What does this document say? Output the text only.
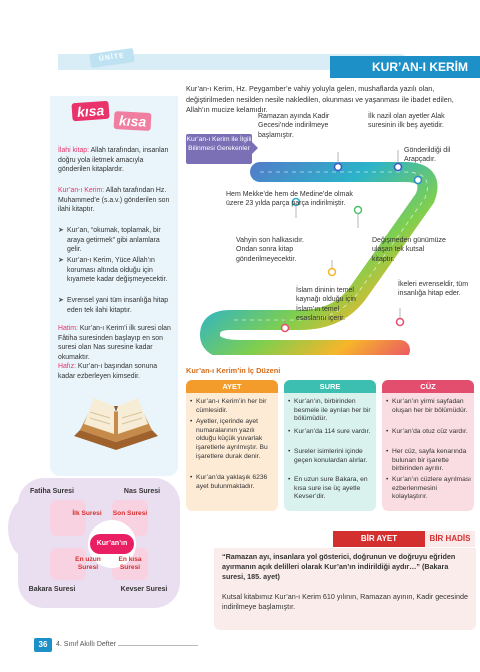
ÜNİTE
KUR’AN-I KERİM
Kur’an-ı Kerim, Hz. Peygamber’e vahiy yoluyla gelen, mushaflarda yazılı olan, değiştirilmeden nesilden nesile nakledilen, okunması ve yaşanması ile ibadet edilen, Allah’ın mucize kelamıdır.
kısa
kısa
İlahi kitap: Allah tarafından, insanları doğru yola iletmek amacıyla gönderilen kitaplardır.
Kur’an-ı Kerim: Allah tarafından Hz. Muhammed’e (s.a.v.) gönderilen son ilahi kitaptır.
➤ Kur’an, “okumak, toplamak, bir araya getirmek” gibi anlamlara gelir.
➤ Kur’an-ı Kerim, Yüce Allah’ın koruması altında olduğu için kıyamete kadar değişmeyecektir.
➤ Evrensel yani tüm insanlığa hitap eden tek ilahi kitaptır.
Hatim: Kur’an-ı Kerim’i ilk suresi olan Fâtiha suresinden başlayıp en son suresi olan Nas suresine kadar okumaktır.
Hafız: Kur’an-ı başından sonuna kadar ezberleyen kimsedir.
Fatiha Suresi	Nas Suresi
Bakara Suresi	Kevser Suresi
İlk Suresi	Son Suresi
En uzun Suresi
En kısa Suresi
Kur’an’ın
36	4. Sınıf Akıllı Defter
Kur’an-ı Kerim ile İlgili Bilinmesi Gerekenler
Ramazan ayında Kadir Gecesi’nde indirilmeye başlamıştır.
İlk nazil olan ayetler Alak suresinin ilk beş ayetidir.
Gönderildiği dil Arapçadır.
Hem Mekke’de hem de Medine’de olmak üzere 23 yılda parça parça indirilmiştir.
Vahyin son halkasıdır. Ondan sonra kitap gönderilmeyecektir.
Değişmeden günümüze ulaşan tek kutsal kitaptır.
İslam dininin temel kaynağı olduğu için İslam’ın temel esaslarını içerir.
İkeleri evrenseldir, tüm insanlığa hitap eder.
Kur’an-ı Kerim’in İç Düzeni
AYET	SURE	CÜZ
• Kur’an-ı Kerim’in her bir cümlesidir.
• Ayetler, içerinde ayet numaralarının yazılı olduğu küçük yuvarlak işaretlerle ayrılmıştır. Bu işaretlere durak denir.
• Kur’an’da yaklaşık 6236 ayet bulunmaktadır.
• Kur’an’ın, birbirinden besmele ile ayrılan her bir bölümüdür.
• Kur’an’da 114 sure vardır.
• Sureler isimlerini içinde geçen konulardan alırlar.
• En uzun sure Bakara, en kısa sure ise üç ayetle Kevser’dir.
• Kur’an’ın yirmi sayfadan oluşan her bir bölümüdür.
• Kur’an’da otuz cüz vardır.
• Her cüz, sayfa kenarında bulunan bir işarette birbirinden ayrılır.
• Kur’an’ın cüzlere ayrılması ezberlenmesini kolaylaştırır.
BİR AYET	BİR HADİS
“Ramazan ayı, insanlara yol gösterici, doğrunun ve doğruyu eğriden ayırmanın açık delilleri olarak Kur’an’ın indirildiği aydır…” (Bakara suresi, 185. ayet)
Kutsal kitabımız Kur’an-ı Kerim 610 yılının, Ramazan ayının, Kadir gecesinde indirilmeye başlamıştır.
